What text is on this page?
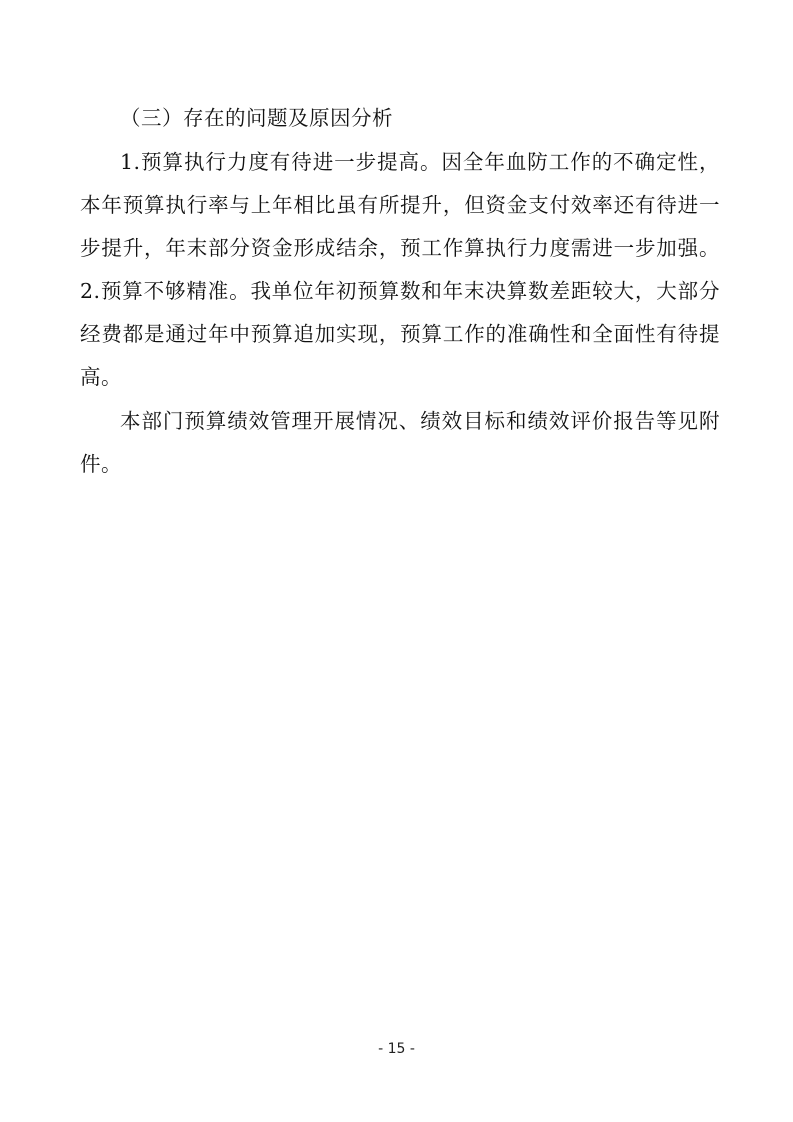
（三）存在的问题及原因分析
1.预算执行力度有待进一步提高。因全年血防工作的不确定性，
本年预算执行率与上年相比虽有所提升，但资金支付效率还有待进一
步提升，年末部分资金形成结余，预工作算执行力度需进一步加强。
2.预算不够精准。我单位年初预算数和年末决算数差距较大，大部分
经费都是通过年中预算追加实现，预算工作的准确性和全面性有待提
高。
本部门预算绩效管理开展情况、绩效目标和绩效评价报告等见附
件。
- 15 -
